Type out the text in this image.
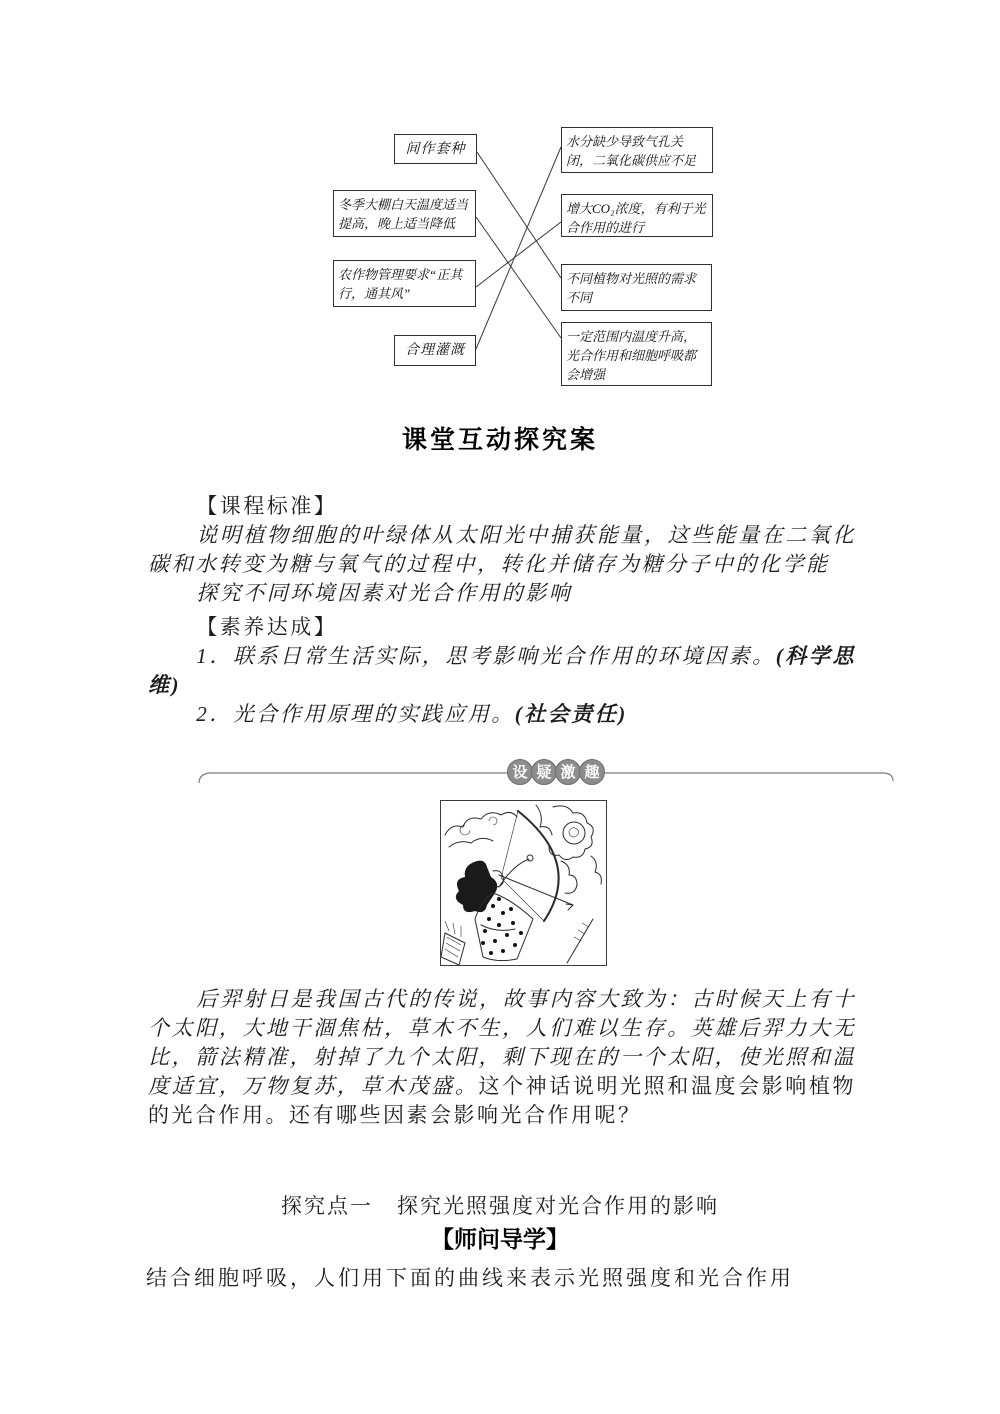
间作套种
冬季大棚白天温度适当提高，晚上适当降低
农作物管理要求“正其行，通其风”
合理灌溉
水分缺少导致气孔关闭，二氧化碳供应不足
增大CO₂浓度，有利于光合作用的进行
不同植物对光照的需求不同
一定范围内温度升高，光合作用和细胞呼吸都会增强
课堂互动探究案

【课程标准】

说明植物细胞的叶绿体从太阳光中捕获能量，这些能量在二氧化碳和水转变为糖与氧气的过程中，转化并储存为糖分子中的化学能

探究不同环境因素对光合作用的影响

【素养达成】

1．联系日常生活实际，思考影响光合作用的环境因素。(科学思维)

2．光合作用原理的实践应用。(社会责任)

设 疑 激 趣
后羿射日是我国古代的传说，故事内容大致为：古时候天上有十个太阳，大地干涸焦枯，草木不生，人们难以生存。英雄后羿力大无比，箭法精准，射掉了九个太阳，剩下现在的一个太阳，使光照和温度适宜，万物复苏，草木茂盛。这个神话说明光照和温度会影响植物的光合作用。还有哪些因素会影响光合作用呢？
探究点一 探究光照强度对光合作用的影响
【师问导学】
结合细胞呼吸，人们用下面的曲线来表示光照强度和光合作用
